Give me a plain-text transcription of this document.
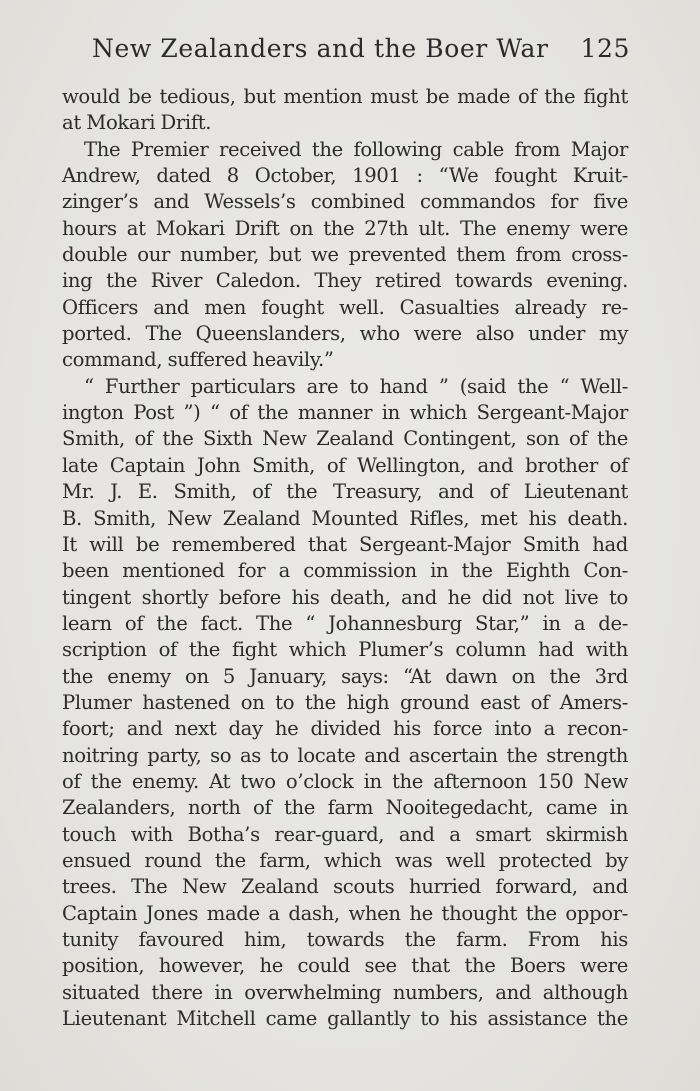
New Zealanders and the Boer War 125
would be tedious, but mention must be made of the fight
at Mokari Drift.
The Premier received the following cable from Major
Andrew, dated 8 October, 1901 : “We fought Kruit-
zinger’s and Wessels’s combined commandos for five
hours at Mokari Drift on the 27th ult. The enemy were
double our number, but we prevented them from cross-
ing the River Caledon. They retired towards evening.
Officers and men fought well. Casualties already re-
ported. The Queenslanders, who were also under my
command, suffered heavily.”
“ Further particulars are to hand ” (said the “ Well-
ington Post ”) “ of the manner in which Sergeant-Major
Smith, of the Sixth New Zealand Contingent, son of the
late Captain John Smith, of Wellington, and brother of
Mr. J. E. Smith, of the Treasury, and of Lieutenant
B. Smith, New Zealand Mounted Rifles, met his death.
It will be remembered that Sergeant-Major Smith had
been mentioned for a commission in the Eighth Con-
tingent shortly before his death, and he did not live to
learn of the fact. The “ Johannesburg Star,” in a de-
scription of the fight which Plumer’s column had with
the enemy on 5 January, says: “At dawn on the 3rd
Plumer hastened on to the high ground east of Amers-
foort; and next day he divided his force into a recon-
noitring party, so as to locate and ascertain the strength
of the enemy. At two o’clock in the afternoon 150 New
Zealanders, north of the farm Nooitegedacht, came in
touch with Botha’s rear-guard, and a smart skirmish
ensued round the farm, which was well protected by
trees. The New Zealand scouts hurried forward, and
Captain Jones made a dash, when he thought the oppor-
tunity favoured him, towards the farm. From his
position, however, he could see that the Boers were
situated there in overwhelming numbers, and although
Lieutenant Mitchell came gallantly to his assistance the
